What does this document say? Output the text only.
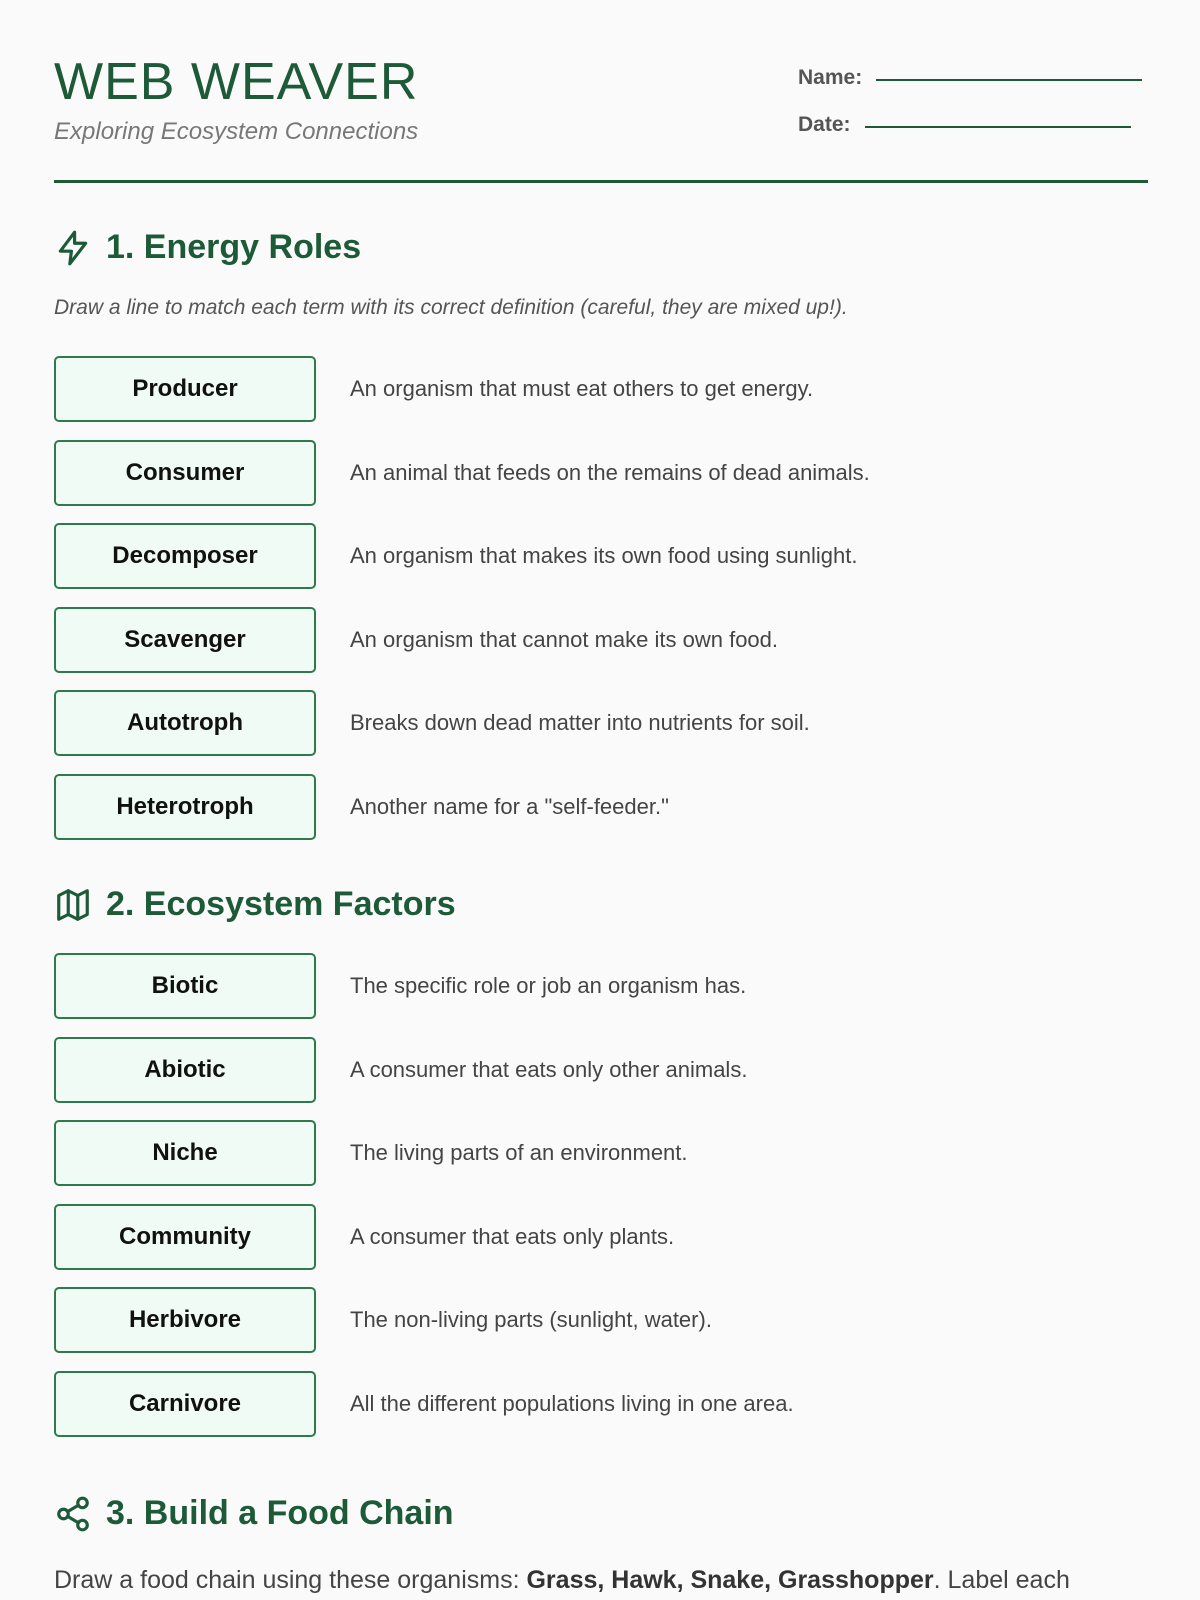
WEB WEAVER
Exploring Ecosystem Connections
Name:
Date:
1. Energy Roles

Draw a line to match each term with its correct definition (careful, they are mixed up!).

Producer	An organism that must eat others to get energy.
Consumer	An animal that feeds on the remains of dead animals.
Decomposer	An organism that makes its own food using sunlight.
Scavenger	An organism that cannot make its own food.
Autotroph	Breaks down dead matter into nutrients for soil.
Heterotroph	Another name for a "self-feeder."
2. Ecosystem Factors
Biotic	The specific role or job an organism has.
Abiotic	A consumer that eats only other animals.
Niche	The living parts of an environment.
Community	A consumer that eats only plants.
Herbivore	The non-living parts (sunlight, water).
Carnivore	All the different populations living in one area.
3. Build a Food Chain

Draw a food chain using these organisms: Grass, Hawk, Snake, Grasshopper. Label each
